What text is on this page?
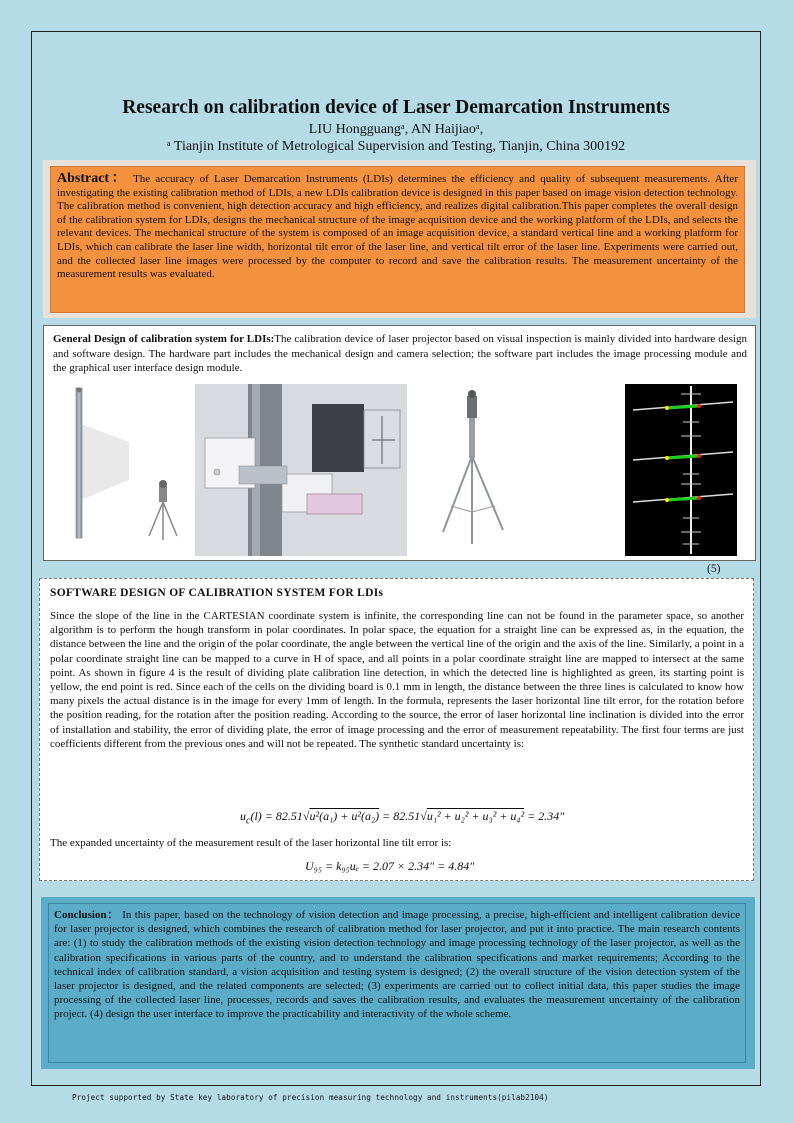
Research on calibration device of Laser Demarcation Instruments
LIU Hongguangᵃ, AN Haijiaoᵃ,
ᵃ Tianjin Institute of Metrological Supervision and Testing, Tianjin, China 300192
Abstract： The accuracy of Laser Demarcation Instruments (LDIs) determines the efficiency and quality of subsequent measurements. After investigating the existing calibration method of LDIs, a new LDIs calibration device is designed in this paper based on image vision detection technology. The calibration method is convenient, high detection accuracy and high efficiency, and realizes digital calibration.This paper completes the overall design of the calibration system for LDIs, designs the mechanical structure of the image acquisition device and the working platform of the LDIs, and selects the relevant devices. The mechanical structure of the system is composed of an image acquisition device, a standard vertical line and a working platform for LDIs, which can calibrate the laser line width, horizontal tilt error of the laser line, and vertical tilt error of the laser line. Experiments were carried out, and the collected laser line images were processed by the computer to record and save the calibration results. The measurement uncertainty of the measurement results was evaluated.
General Design of calibration system for LDIs:The calibration device of laser projector based on visual inspection is mainly divided into hardware design and software design. The hardware part includes the mechanical design and camera selection; the software part includes the image processing module and the graphical user interface design module.
(5)
SOFTWARE DESIGN OF CALIBRATION SYSTEM FOR LDIs
Since the slope of the line in the CARTESIAN coordinate system is infinite, the corresponding line can not be found in the parameter space, so another algorithm is to perform the hough transform in polar coordinates. In polar space, the equation for a straight line can be expressed as, in the equation, the distance between the line and the origin of the polar coordinate, the angle between the vertical line of the origin and the axis of the line. Similarly, a point in a polar coordinate straight line can be mapped to a curve in H of space, and all points in a polar coordinate straight line are mapped to intersect at the same point. As shown in figure 4 is the result of dividing plate calibration line detection, in which the detected line is highlighted as green, its starting point is yellow, the end point is red. Since each of the cells on the dividing board is 0.1 mm in length, the distance between the three lines is calculated to know how many pixels the actual distance is in the image for every 1mm of length. In the formula, represents the laser horizontal line tilt error, for the rotation before the position reading, for the rotation after the position reading. According to the source, the error of laser horizontal line inclination is divided into the error of installation and stability, the error of dividing plate, the error of image processing and the error of measurement repeatability. The first four terms are just coefficients different from the previous ones and will not be repeated. The synthetic standard uncertainty is:
$u_c(l) = 82.51√u^2(a_1) + u^2(a_2) = 82.51√u_1^2 + u_2^2 + u_3^2 + u_4^2 = 2.34''$
The expanded uncertainty of the measurement result of the laser horizontal line tilt error is:
U₉₅ = k₉₅uₑ = 2.07 × 2.34″ = 4.84″
Conclusion： In this paper, based on the technology of vision detection and image processing, a precise, high-efficient and intelligent calibration device for laser projector is designed, which combines the research of calibration method for laser projector, and put it into practice. The main research contents are: (1) to study the calibration methods of the existing vision detection technology and image processing technology of the laser projector, as well as the calibration specifications in various parts of the country, and to understand the calibration specifications and market requirements; According to the technical index of calibration standard, a vision acquisition and testing system is designed; (2) the overall structure of the vision detection system of the laser projector is designed, and the related components are selected; (3) experiments are carried out to collect initial data, this paper studies the image processing of the collected laser line, processes, records and saves the calibration results, and evaluates the measurement uncertainty of the calibration project. (4) design the user interface to improve the practicability and interactivity of the whole scheme.
Project supported by State key laboratory of precision measuring technology and instruments(pilab2104)
